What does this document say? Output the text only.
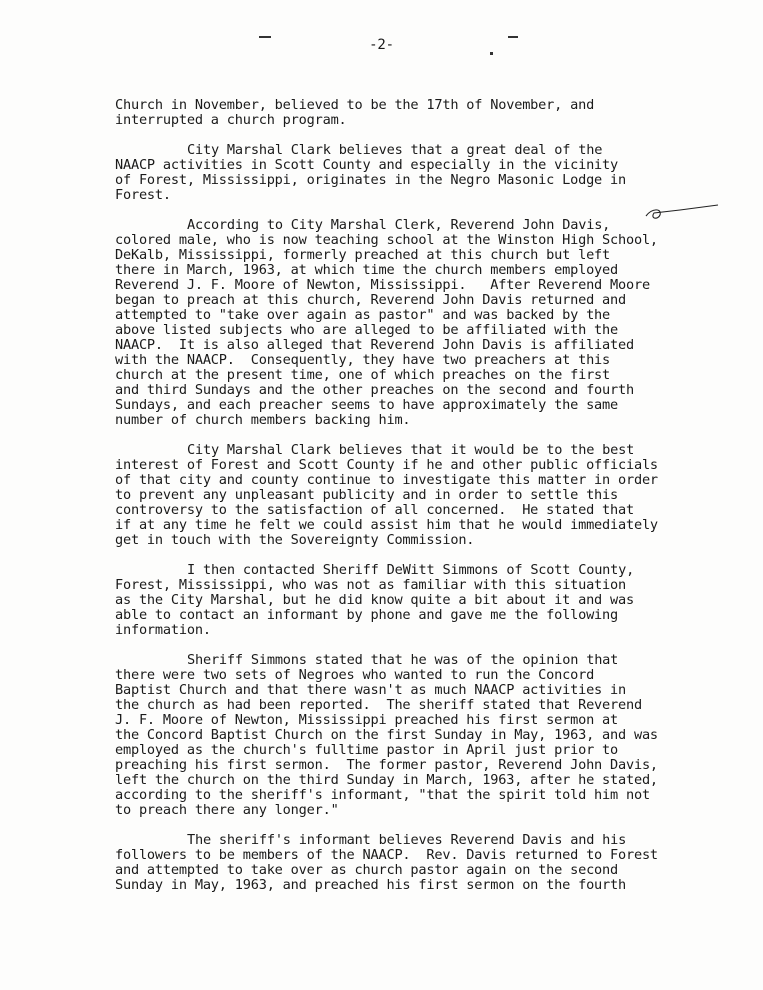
-2-
Church in November, believed to be the 17th of November, and
interrupted a church program.
City Marshal Clark believes that a great deal of the
NAACP activities in Scott County and especially in the vicinity
of Forest, Mississippi, originates in the Negro Masonic Lodge in
Forest.
According to City Marshal Clerk, Reverend John Davis,
colored male, who is now teaching school at the Winston High School,
DeKalb, Mississippi, formerly preached at this church but left
there in March, 1963, at which time the church members employed
Reverend J. F. Moore of Newton, Mississippi.   After Reverend Moore
began to preach at this church, Reverend John Davis returned and
attempted to "take over again as pastor" and was backed by the
above listed subjects who are alleged to be affiliated with the
NAACP.  It is also alleged that Reverend John Davis is affiliated
with the NAACP.  Consequently, they have two preachers at this
church at the present time, one of which preaches on the first
and third Sundays and the other preaches on the second and fourth
Sundays, and each preacher seems to have approximately the same
number of church members backing him.
City Marshal Clark believes that it would be to the best
interest of Forest and Scott County if he and other public officials
of that city and county continue to investigate this matter in order
to prevent any unpleasant publicity and in order to settle this
controversy to the satisfaction of all concerned.  He stated that
if at any time he felt we could assist him that he would immediately
get in touch with the Sovereignty Commission.
I then contacted Sheriff DeWitt Simmons of Scott County,
Forest, Mississippi, who was not as familiar with this situation
as the City Marshal, but he did know quite a bit about it and was
able to contact an informant by phone and gave me the following
information.
Sheriff Simmons stated that he was of the opinion that
there were two sets of Negroes who wanted to run the Concord
Baptist Church and that there wasn't as much NAACP activities in
the church as had been reported.  The sheriff stated that Reverend
J. F. Moore of Newton, Mississippi preached his first sermon at
the Concord Baptist Church on the first Sunday in May, 1963, and was
employed as the church's fulltime pastor in April just prior to
preaching his first sermon.  The former pastor, Reverend John Davis,
left the church on the third Sunday in March, 1963, after he stated,
according to the sheriff's informant, "that the spirit told him not
to preach there any longer."
The sheriff's informant believes Reverend Davis and his
followers to be members of the NAACP.  Rev. Davis returned to Forest
and attempted to take over as church pastor again on the second
Sunday in May, 1963, and preached his first sermon on the fourth
